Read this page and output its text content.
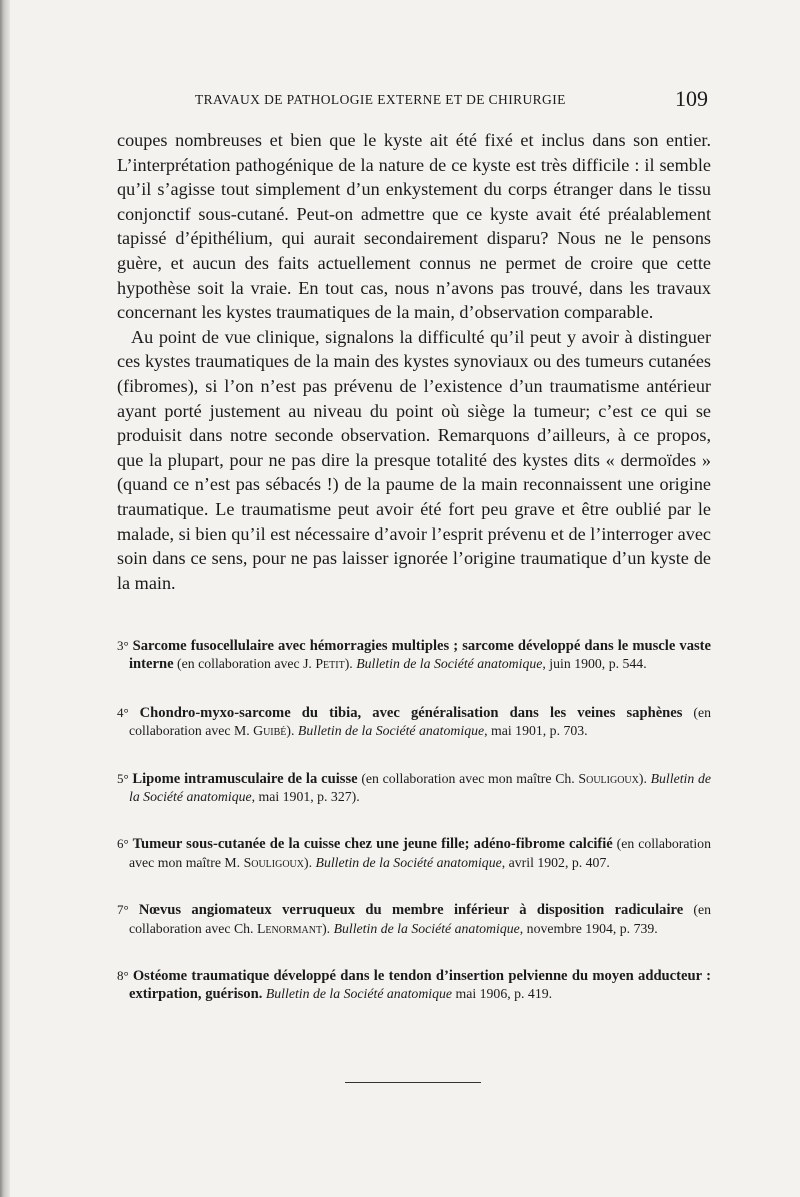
TRAVAUX DE PATHOLOGIE EXTERNE ET DE CHIRURGIE	109

coupes nombreuses et bien que le kyste ait été fixé et inclus dans son entier. L’interprétation pathogénique de la nature de ce kyste est très difficile : il semble qu’il s’agisse tout simplement d’un enkystement du corps étranger dans le tissu conjonctif sous-cutané. Peut-on admettre que ce kyste avait été préalablement tapissé d’épithélium, qui aurait secondairement disparu? Nous ne le pensons guère, et aucun des faits actuellement connus ne permet de croire que cette hypothèse soit la vraie. En tout cas, nous n’avons pas trouvé, dans les travaux concernant les kystes traumatiques de la main, d’observation comparable.

Au point de vue clinique, signalons la difficulté qu’il peut y avoir à distinguer ces kystes traumatiques de la main des kystes synoviaux ou des tumeurs cutanées (fibromes), si l’on n’est pas prévenu de l’existence d’un traumatisme antérieur ayant porté justement au niveau du point où siège la tumeur; c’est ce qui se produisit dans notre seconde observation. Remarquons d’ailleurs, à ce propos, que la plupart, pour ne pas dire la presque totalité des kystes dits « dermoïdes » (quand ce n’est pas sébacés !) de la paume de la main reconnaissent une origine traumatique. Le traumatisme peut avoir été fort peu grave et être oublié par le malade, si bien qu’il est nécessaire d’avoir l’esprit prévenu et de l’interroger avec soin dans ce sens, pour ne pas laisser ignorée l’origine traumatique d’un kyste de la main.

3° Sarcome fusocellulaire avec hémorragies multiples ; sarcome développé dans le muscle vaste interne (en collaboration avec J. Petit). Bulletin de la Société anatomique, juin 1900, p. 544.
4° Chondro-myxo-sarcome du tibia, avec généralisation dans les veines saphènes (en collaboration avec M. Guibé). Bulletin de la Société anatomique, mai 1901, p. 703.
5° Lipome intramusculaire de la cuisse (en collaboration avec mon maître Ch. Souligoux). Bulletin de la Société anatomique, mai 1901, p. 327).
6° Tumeur sous-cutanée de la cuisse chez une jeune fille; adéno-fibrome calcifié (en collaboration avec mon maître M. Souligoux). Bulletin de la Société anatomique, avril 1902, p. 407.
7° Nœvus angiomateux verruqueux du membre inférieur à disposition radiculaire (en collaboration avec Ch. Lenormant). Bulletin de la Société anatomique, novembre 1904, p. 739.
8° Ostéome traumatique développé dans le tendon d’insertion pelvienne du moyen adducteur : extirpation, guérison. Bulletin de la Société anatomique mai 1906, p. 419.
